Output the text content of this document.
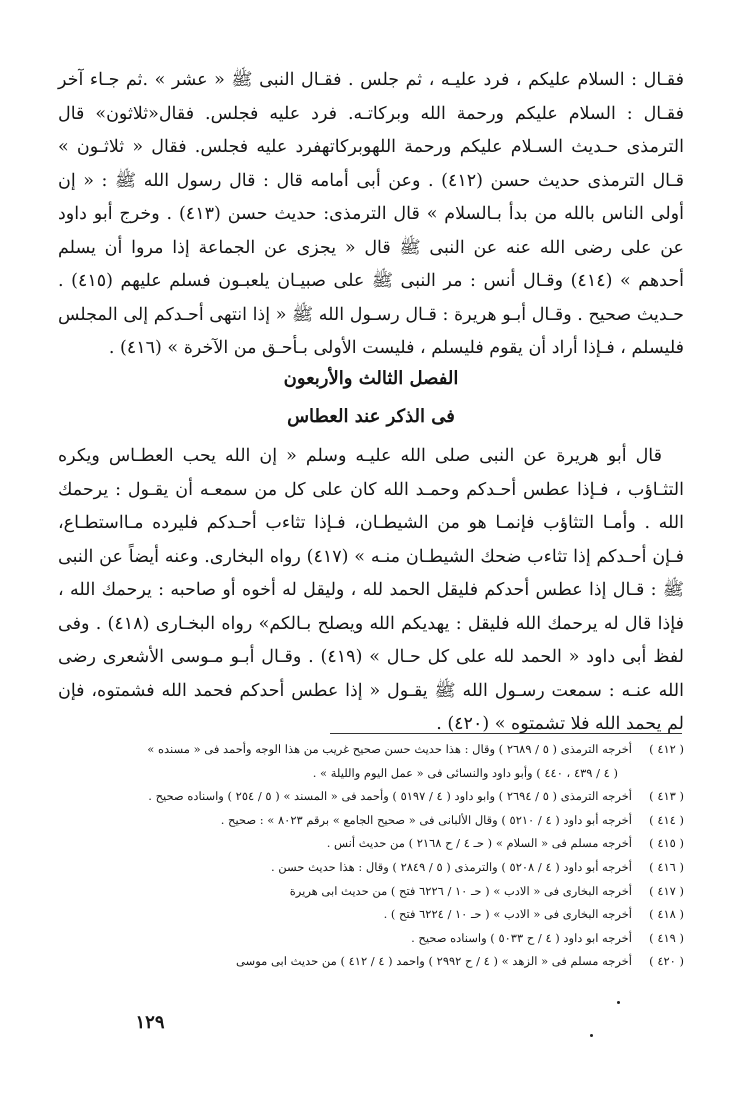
فقـال : السلام عليكم ، فرد عليـه ، ثم جلس . فقـال النبى ﷺ « عشر » .ثم جـاء آخر فقـال : السلام عليكم ورحمة الله وبركاتـه. فرد عليه فجلس. فقال«ثلاثون» قال الترمذى حـديث السـلام عليكم ورحمة اللهوبركاتهفرد عليه فجلس. فقال « ثلاثـون » قـال الترمذى حديث حسن (٤١٢) . وعن أبى أمامه قال : قال رسول الله ﷺ : « إن أولى الناس بالله من بدأ بـالسلام » قال الترمذى: حديث حسن (٤١٣) . وخرج أبو داود عن على رضى الله عنه عن النبى ﷺ قال « يجزى عن الجماعة إذا مروا أن يسلم أحدهم » (٤١٤) وقـال أنس : مر النبى ﷺ على صبيـان يلعبـون فسلم عليهم (٤١٥) . حـديث صحيح . وقـال أبـو هريرة : قـال رسـول الله ﷺ « إذا انتهى أحـدكم إلى المجلس فليسلم ، فـإذا أراد أن يقوم فليسلم ، فليست الأولى بـأحـق من الآخرة » (٤١٦) .

الفصل الثالث والأربعون
فى الذكر عند العطاس

قال أبو هريرة عن النبى صلى الله عليـه وسلم « إن الله يحب العطـاس ويكره التثـاؤب ، فـإذا عطس أحـدكم وحمـد الله كان على كل من سمعـه أن يقـول : يرحمك الله . وأمـا التثاؤب فإنمـا هو من الشيطـان، فـإذا تثاءب أحـدكم فليرده مـااستطـاع، فـإن أحـدكم إذا تثاءب ضحك الشيطـان منـه » (٤١٧) رواه البخارى. وعنه أيضاً عن النبى ﷺ : قـال إذا عطس أحدكم فليقل الحمد لله ، وليقل له أخوه أو صاحبه : يرحمك الله ، فإذا قال له يرحمك الله فليقل : يهديكم الله ويصلح بـالكم» رواه البخـارى (٤١٨) . وفى لفظ أبى داود « الحمد لله على كل حـال » (٤١٩) . وقـال أبـو مـوسى الأشعرى رضى الله عنـه : سمعت رسـول الله ﷺ يقـول « إذا عطس أحدكم فحمد الله فشمتوه، فإن لم يحمد الله فلا تشمتوه » (٤٢٠) .

( ٤١٢ )
أخرجه الترمذى ( ٥ / ٢٦٨٩ ) وقال : هذا حديث حسن صحيح غريب من هذا الوجه وأحمد فى « مسنده »
( ٤ / ٤٣٩ ، ٤٤٠ ) وأبو داود والنسائى فى « عمل اليوم والليلة » .
( ٤١٣ )
أخرجه الترمذى ( ٥ / ٢٦٩٤ ) وابو داود ( ٤ / ٥١٩٧ ) وأحمد فى « المسند » ( ٥ / ٢٥٤ ) واسناده صحيح .
( ٤١٤ )
أخرجه أبو داود ( ٤ / ٥٢١٠ ) وقال الألبانى فى « صحيح الجامع » برقم ٨٠٢٣ » : صحيح .
( ٤١٥ )
أخرجه مسلم فى « السلام » ( حـ ٤ / ح ٢١٦٨ ) من حديث أنس .
( ٤١٦ )
أخرجه أبو داود ( ٤ / ٥٢٠٨ ) والترمذى ( ٥ / ٢٨٤٩ ) وقال : هذا حديث حسن .
( ٤١٧ )
أخرجه البخارى فى « الادب » ( حـ ١٠ / ٦٢٢٦ فتح ) من حديث ابى هريرة
( ٤١٨ )
أخرجه البخارى فى « الادب » ( حـ ١٠ / ٦٢٢٤ فتح ) .
( ٤١٩ )
أخرجه ابو داود ( ٤ / ح ٥٠٣٣ ) واسناده صحيح .
( ٤٢٠ )
أخرجه مسلم فى « الزهد » ( ٤ / ح ٢٩٩٢ ) واحمد ( ٤ / ٤١٢ ) من حديث ابى موسى
١٢٩
